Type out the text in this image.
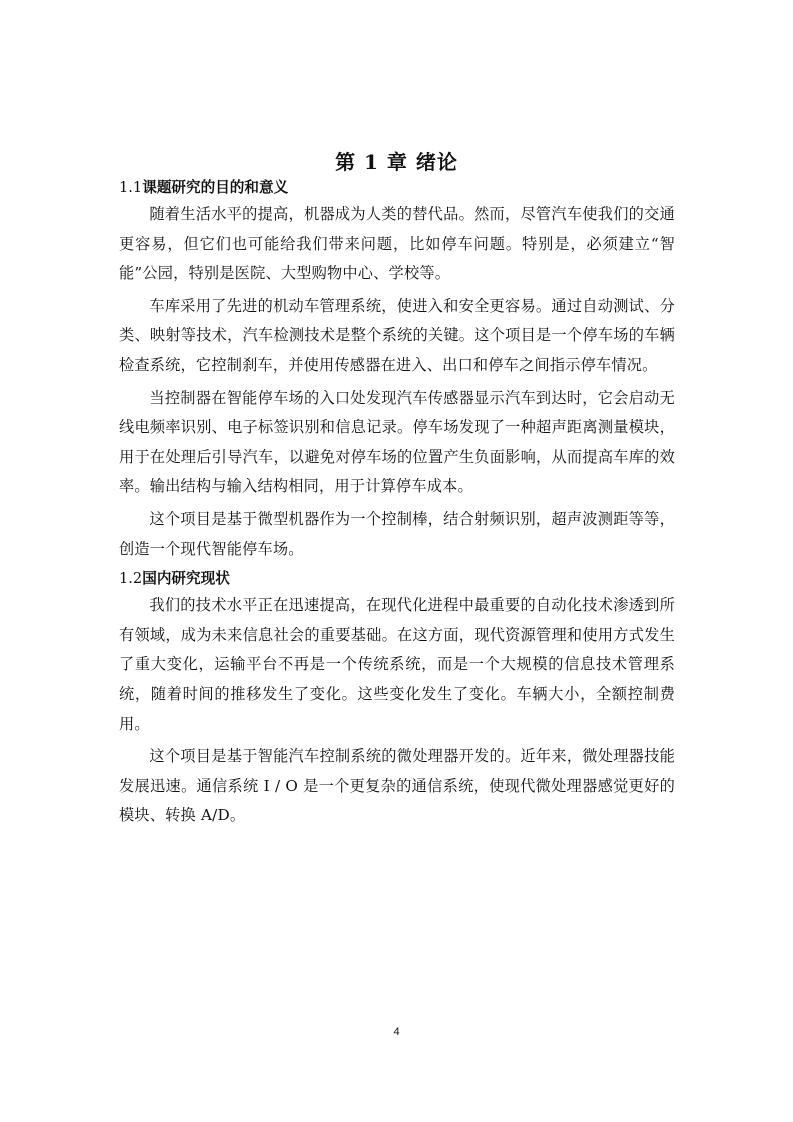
第 1 章 绪论
1.1课题研究的目的和意义

随着生活水平的提高，机器成为人类的替代品。然而，尽管汽车使我们的交通更容易，但它们也可能给我们带来问题，比如停车问题。特别是，必须建立“智能”公园，特别是医院、大型购物中心、学校等。

车库采用了先进的机动车管理系统，使进入和安全更容易。通过自动测试、分类、映射等技术，汽车检测技术是整个系统的关键。这个项目是一个停车场的车辆检查系统，它控制刹车，并使用传感器在进入、出口和停车之间指示停车情况。

当控制器在智能停车场的入口处发现汽车传感器显示汽车到达时，它会启动无线电频率识别、电子标签识别和信息记录。停车场发现了一种超声距离测量模块，用于在处理后引导汽车，以避免对停车场的位置产生负面影响，从而提高车库的效率。输出结构与输入结构相同，用于计算停车成本。

这个项目是基于微型机器作为一个控制棒，结合射频识别，超声波测距等等，创造一个现代智能停车场。

1.2国内研究现状

我们的技术水平正在迅速提高，在现代化进程中最重要的自动化技术渗透到所有领域，成为未来信息社会的重要基础。在这方面，现代资源管理和使用方式发生了重大变化，运输平台不再是一个传统系统，而是一个大规模的信息技术管理系统，随着时间的推移发生了变化。这些变化发生了变化。车辆大小，全额控制费用。

这个项目是基于智能汽车控制系统的微处理器开发的。近年来，微处理器技能发展迅速。通信系统 I / O 是一个更复杂的通信系统，使现代微处理器感觉更好的模块、转换 A/D。

4
